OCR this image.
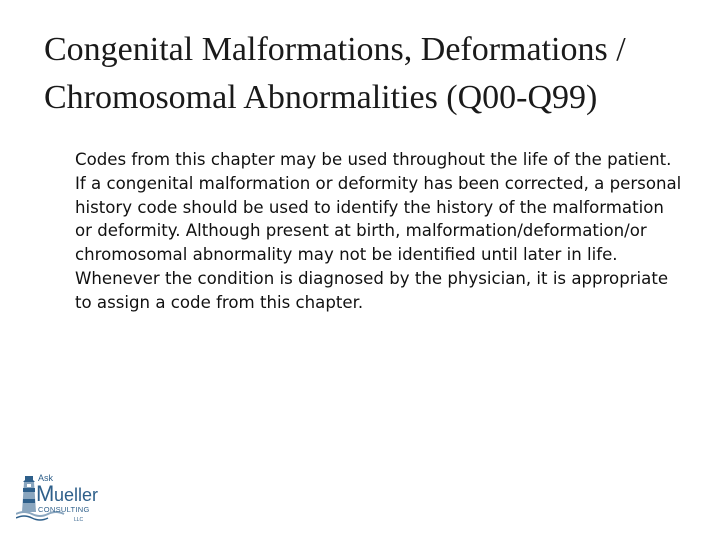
Congenital Malformations, Deformations / Chromosomal Abnormalities (Q00-Q99)

Codes from this chapter may be used throughout the life of the patient. If a congenital malformation or deformity has been corrected, a personal history code should be used to identify the history of the malformation or deformity. Although present at birth, malformation/deformation/or chromosomal abnormality may not be identified until later in life. Whenever the condition is diagnosed by the physician, it is appropriate to assign a code from this chapter.

Ask
M ueller
CONSULTING
LLC
